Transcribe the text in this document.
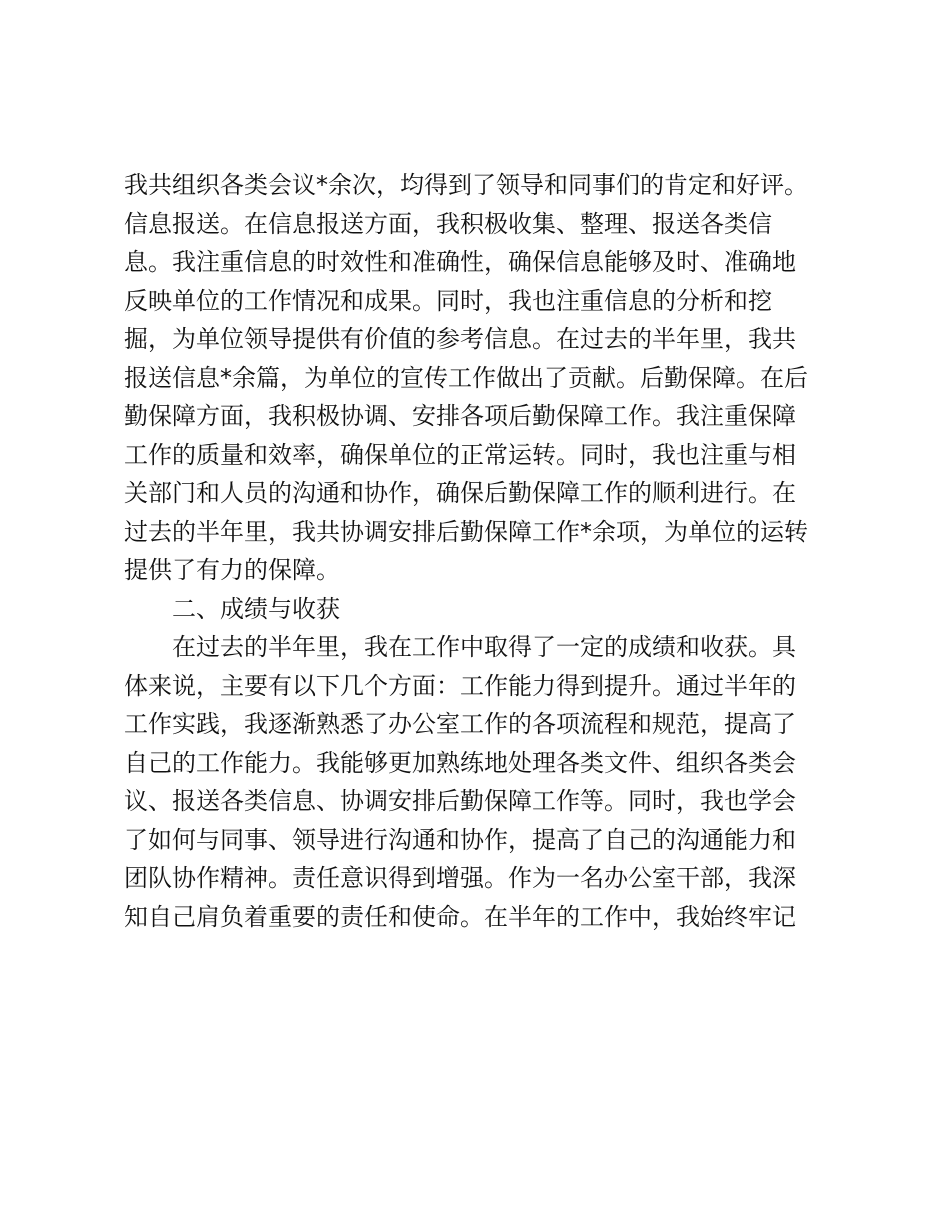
我共组织各类会议*余次，均得到了领导和同事们的肯定和好评。
信息报送。在信息报送方面，我积极收集、整理、报送各类信
息。我注重信息的时效性和准确性，确保信息能够及时、准确地
反映单位的工作情况和成果。同时，我也注重信息的分析和挖
掘，为单位领导提供有价值的参考信息。在过去的半年里，我共
报送信息*余篇，为单位的宣传工作做出了贡献。后勤保障。在后
勤保障方面，我积极协调、安排各项后勤保障工作。我注重保障
工作的质量和效率，确保单位的正常运转。同时，我也注重与相
关部门和人员的沟通和协作，确保后勤保障工作的顺利进行。在
过去的半年里，我共协调安排后勤保障工作*余项，为单位的运转
提供了有力的保障。
二、成绩与收获
在过去的半年里，我在工作中取得了一定的成绩和收获。具
体来说，主要有以下几个方面：工作能力得到提升。通过半年的
工作实践，我逐渐熟悉了办公室工作的各项流程和规范，提高了
自己的工作能力。我能够更加熟练地处理各类文件、组织各类会
议、报送各类信息、协调安排后勤保障工作等。同时，我也学会
了如何与同事、领导进行沟通和协作，提高了自己的沟通能力和
团队协作精神。责任意识得到增强。作为一名办公室干部，我深
知自己肩负着重要的责任和使命。在半年的工作中，我始终牢记
